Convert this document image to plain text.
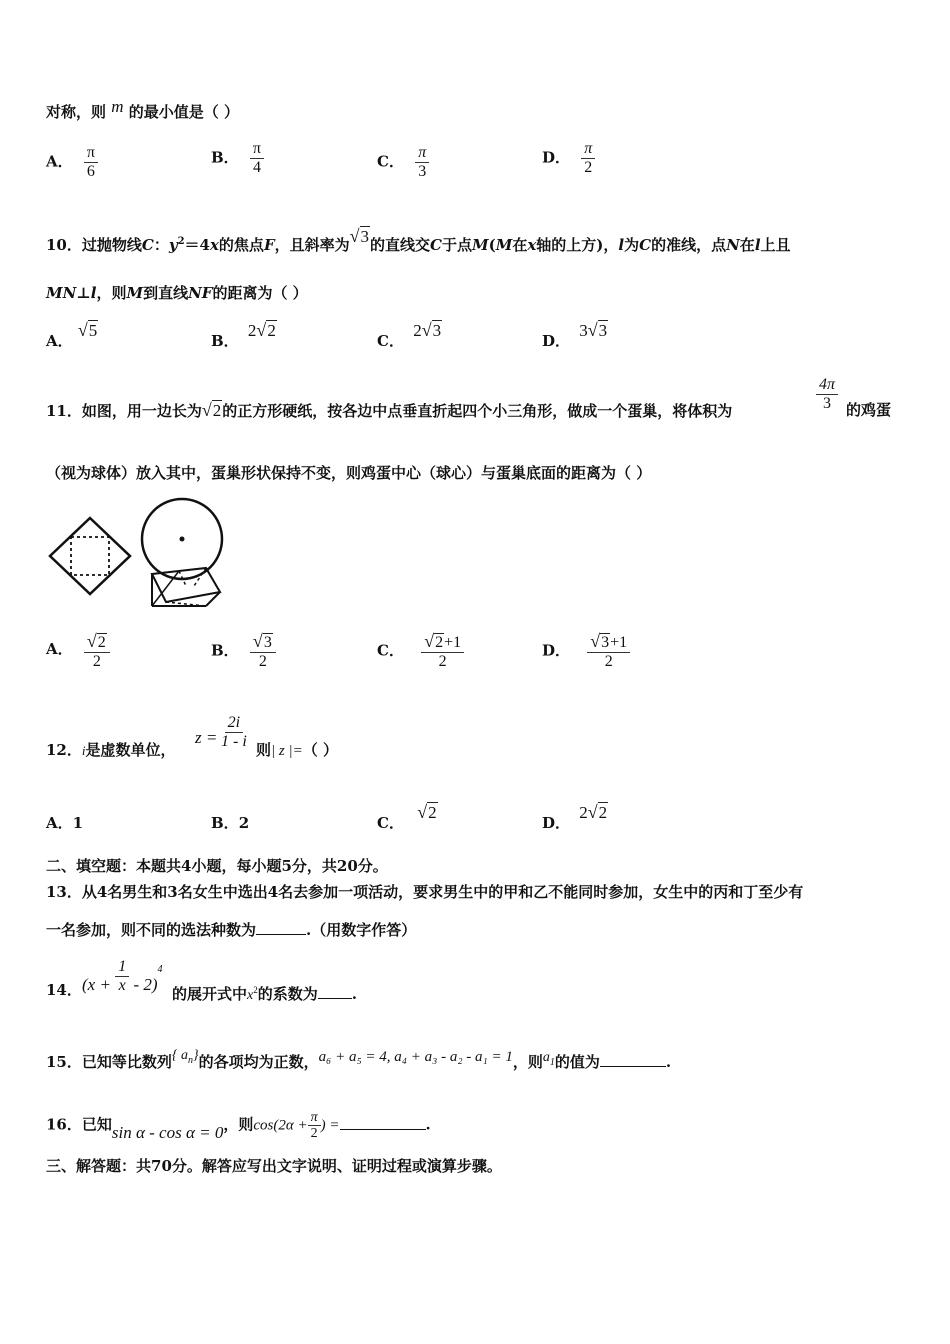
对称，则 m 的最小值是（ ）
A． $\frac{\pi}{6}$	B． $\frac{\pi}{4}$	C． $\frac{\pi}{3}$	D． $\frac{\pi}{2}$
10．过抛物线C：$y^2=4x$的焦点F，且斜率为√3的直线交C于点M(M在x轴的上方)，l为C的准线，点N在l上且
MN⊥l，则M到直线NF的距离为（ ）
A． √5
B． 2√2
C． 2√3
D． 3√3
11．如图，用一边长为√2的正方形硬纸，按各边中点垂直折起四个小三角形，做成一个蛋巢，将体积为	$\frac{4\pi}{3}$ 的鸡蛋
（视为球体）放入其中，蛋巢形状保持不变，则鸡蛋中心（球心）与蛋巢底面的距离为（ ）
A． $\frac{√2}{2}$	B． $\frac{√3}{2}$	C． $\frac{√2+1}{2}$	D． $\frac{√3+1}{2}$
12．i是虚数单位，
$z = \frac{2i}{1 - i}$ 则| z |=（ ）
A．1	B．2	C． √2
D． 2√2
二、填空题：本题共4小题，每小题5分，共20分。
13．从4名男生和3名女生中选出4名去参加一项活动，要求男生中的甲和乙不能同时参加，女生中的丙和丁至少有
一名参加，则不同的选法种数为	.（用数字作答）
14． $(x + \frac{1}{x} - 2)^4$
的展开式中$x^2$的系数为 .
15．已知等比数列{ $a_n$}的各项均为正数，a₆ + a₅ = 4, a₄ + a₃ - a₂ - a₁ = 1，则$a_1$的值为	.
16．已知sin α - cos α = 0，则$\cos(2\alpha + \frac{\pi}{2}$ ) =	.
三、解答题：共70分。解答应写出文字说明、证明过程或演算步骤。
